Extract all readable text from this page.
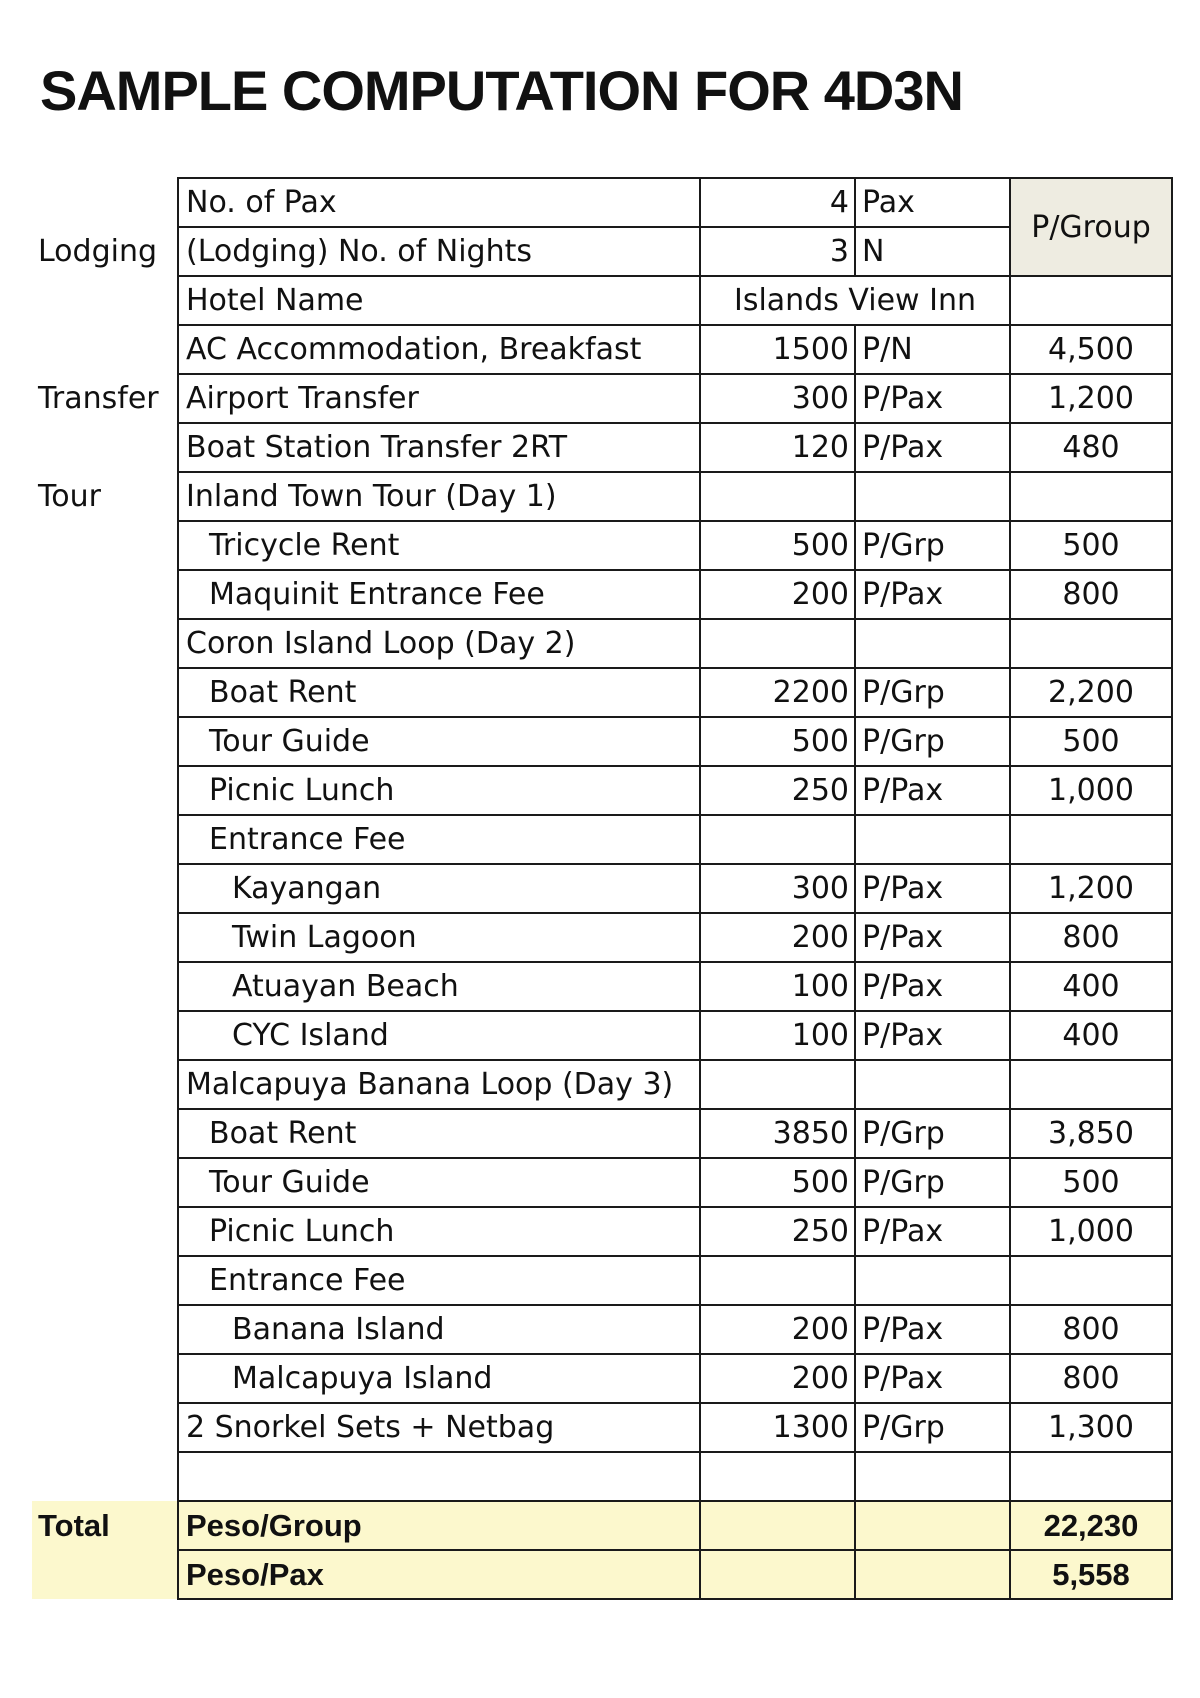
SAMPLE COMPUTATION FOR 4D3N
	No. of Pax	4	Pax	P/Group
Lodging	(Lodging) No. of Nights	3	N	
	Hotel Name	Islands View Inn		
	AC Accommodation, Breakfast	1500	P/N	4,500
Transfer	Airport Transfer	300	P/Pax	1,200
	Boat Station Transfer 2RT	120	P/Pax	480
Tour	Inland Town Tour (Day 1)			
	Tricycle Rent	500	P/Grp	500
	Maquinit Entrance Fee	200	P/Pax	800
	Coron Island Loop (Day 2)			
	Boat Rent	2200	P/Grp	2,200
	Tour Guide	500	P/Grp	500
	Picnic Lunch	250	P/Pax	1,000
	Entrance Fee			
	Kayangan	300	P/Pax	1,200
	Twin Lagoon	200	P/Pax	800
	Atuayan Beach	100	P/Pax	400
	CYC Island	100	P/Pax	400
	Malcapuya Banana Loop (Day 3)			
	Boat Rent	3850	P/Grp	3,850
	Tour Guide	500	P/Grp	500
	Picnic Lunch	250	P/Pax	1,000
	Entrance Fee			
	Banana Island	200	P/Pax	800
	Malcapuya Island	200	P/Pax	800
	2 Snorkel Sets + Netbag	1300	P/Grp	1,300

Total	Peso/Group			22,230
	Peso/Pax			5,558
